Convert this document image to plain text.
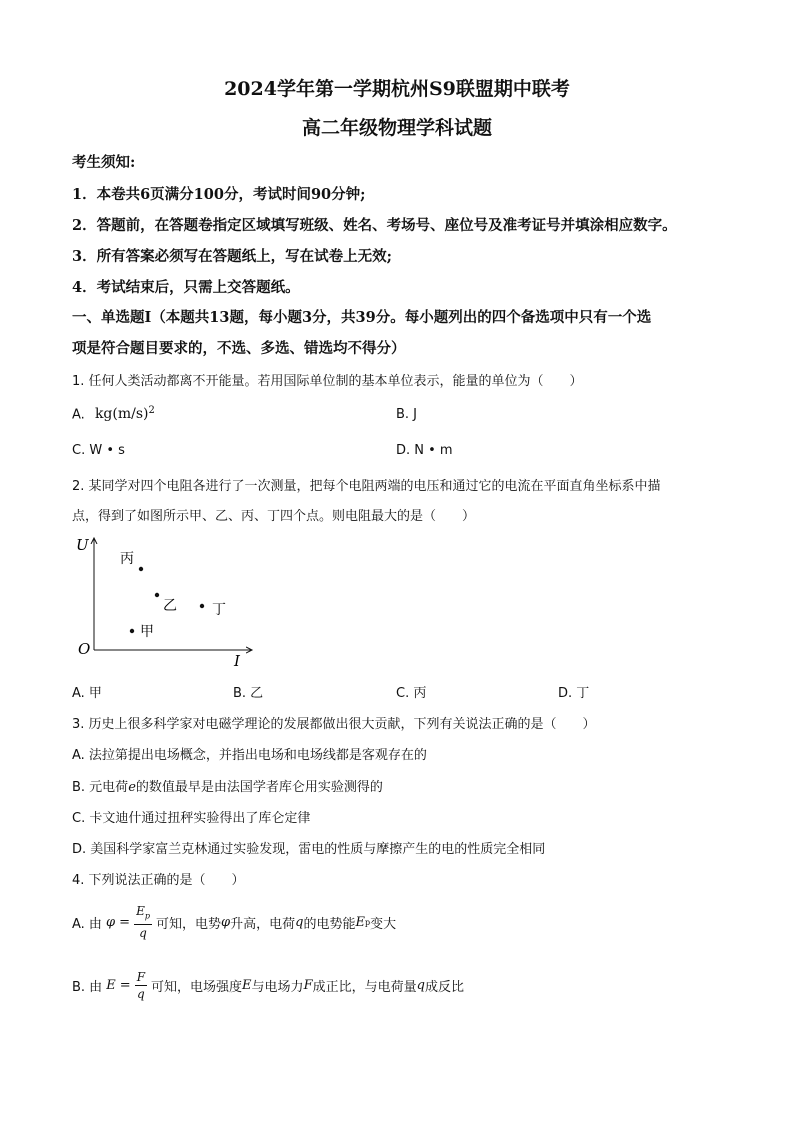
2024学年第一学期杭州S9联盟期中联考
高二年级物理学科试题
考生须知:
1．本卷共6页满分100分，考试时间90分钟;
2．答题前，在答题卷指定区域填写班级、姓名、考场号、座位号及准考证号并填涂相应数字。
3．所有答案必须写在答题纸上，写在试卷上无效;
4．考试结束后，只需上交答题纸。
一、单选题Ⅰ（本题共13题，每小题3分，共39分。每小题列出的四个备选项中只有一个选
项是符合题目要求的，不选、多选、错选均不得分）
1. 任何人类活动都离不开能量。若用国际单位制的基本单位表示，能量的单位为（　　）
A. $kg(m/s)^2$	B. J
C. W • s	D. N • m
2. 某同学对四个电阻各进行了一次测量，把每个电阻两端的电压和通过它的电流在平面直角坐标系中描
点，得到了如图所示甲、乙、丙、丁四个点。则电阻最大的是（　　）
U
I
O
丙
乙	丁
甲
A. 甲	B. 乙	C. 丙	D. 丁
3. 历史上很多科学家对电磁学理论的发展都做出很大贡献，下列有关说法正确的是（　　）
A. 法拉第提出电场概念，并指出电场和电场线都是客观存在的
B. 元电荷e的数值最早是由法国学者库仑用实验测得的
C. 卡文迪什通过扭秤实验得出了库仑定律
D. 美国科学家富兰克林通过实验发现，雷电的性质与摩擦产生的电的性质完全相同
4. 下列说法正确的是（　　）
A. 由 $\varphi = \frac{E_p}{q}$ 可知，电势 φ 升高，电荷 q 的电势能 E p 变大
B. 由 $E = \frac{F}{q}$ 可知，电场强度 E 与电场力 F 成正比，与电荷量 q 成反比
